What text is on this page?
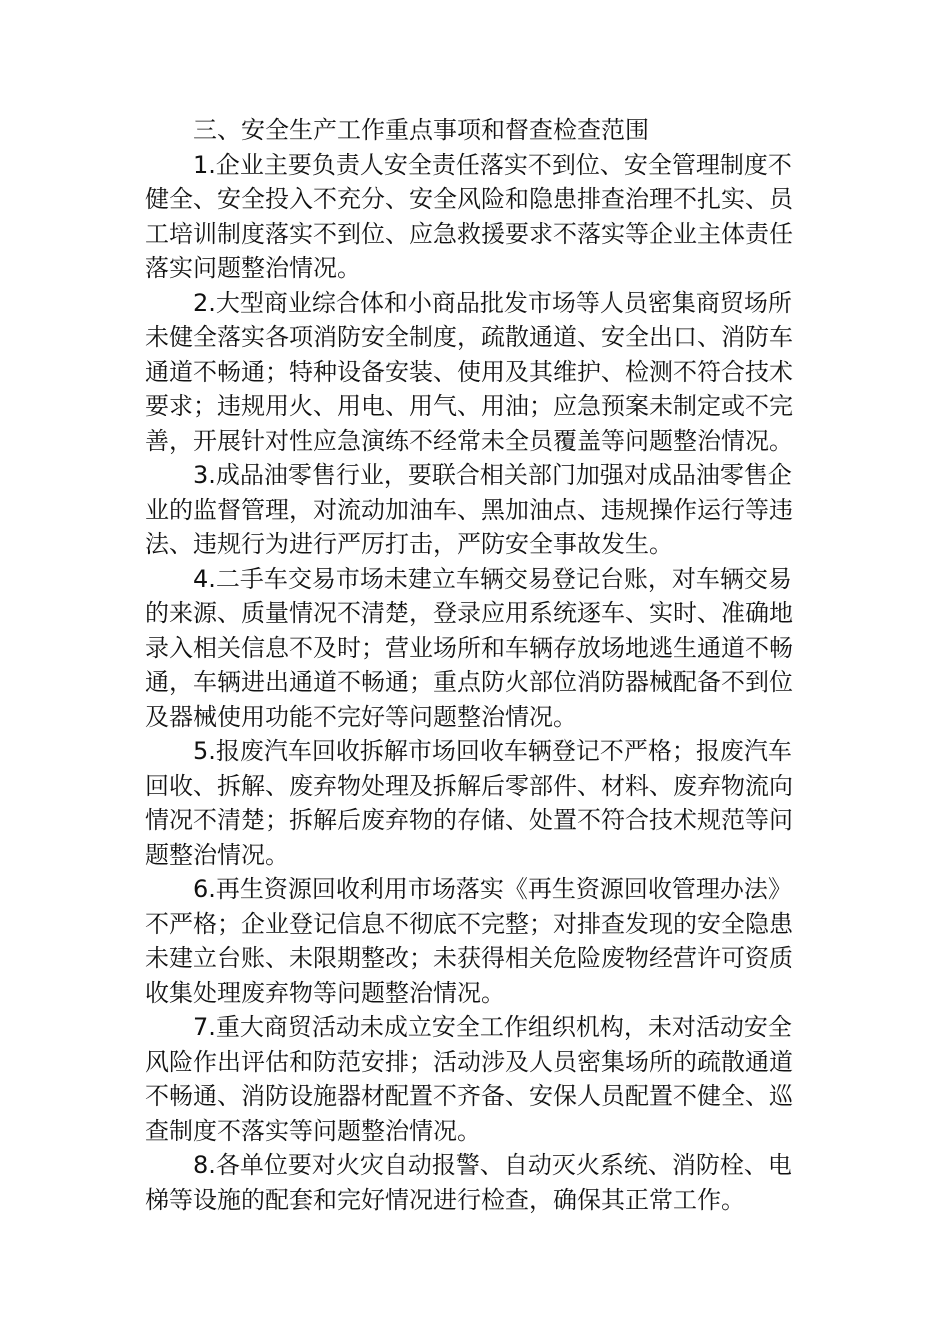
三、安全生产工作重点事项和督查检查范围

1.企业主要负责人安全责任落实不到位、安全管理制度不
健全、安全投入不充分、安全风险和隐患排查治理不扎实、员
工培训制度落实不到位、应急救援要求不落实等企业主体责任
落实问题整治情况。

2.大型商业综合体和小商品批发市场等人员密集商贸场所
未健全落实各项消防安全制度，疏散通道、安全出口、消防车
通道不畅通；特种设备安装、使用及其维护、检测不符合技术
要求；违规用火、用电、用气、用油；应急预案未制定或不完
善，开展针对性应急演练不经常未全员覆盖等问题整治情况。

3.成品油零售行业，要联合相关部门加强对成品油零售企
业的监督管理，对流动加油车、黑加油点、违规操作运行等违
法、违规行为进行严厉打击，严防安全事故发生。

4.二手车交易市场未建立车辆交易登记台账，对车辆交易
的来源、质量情况不清楚，登录应用系统逐车、实时、准确地
录入相关信息不及时；营业场所和车辆存放场地逃生通道不畅
通，车辆进出通道不畅通；重点防火部位消防器械配备不到位
及器械使用功能不完好等问题整治情况。

5.报废汽车回收拆解市场回收车辆登记不严格；报废汽车
回收、拆解、废弃物处理及拆解后零部件、材料、废弃物流向
情况不清楚；拆解后废弃物的存储、处置不符合技术规范等问
题整治情况。

6.再生资源回收利用市场落实《再生资源回收管理办法》
不严格；企业登记信息不彻底不完整；对排查发现的安全隐患
未建立台账、未限期整改；未获得相关危险废物经营许可资质
收集处理废弃物等问题整治情况。

7.重大商贸活动未成立安全工作组织机构，未对活动安全
风险作出评估和防范安排；活动涉及人员密集场所的疏散通道
不畅通、消防设施器材配置不齐备、安保人员配置不健全、巡
查制度不落实等问题整治情况。

8.各单位要对火灾自动报警、自动灭火系统、消防栓、电
梯等设施的配套和完好情况进行检查，确保其正常工作。
